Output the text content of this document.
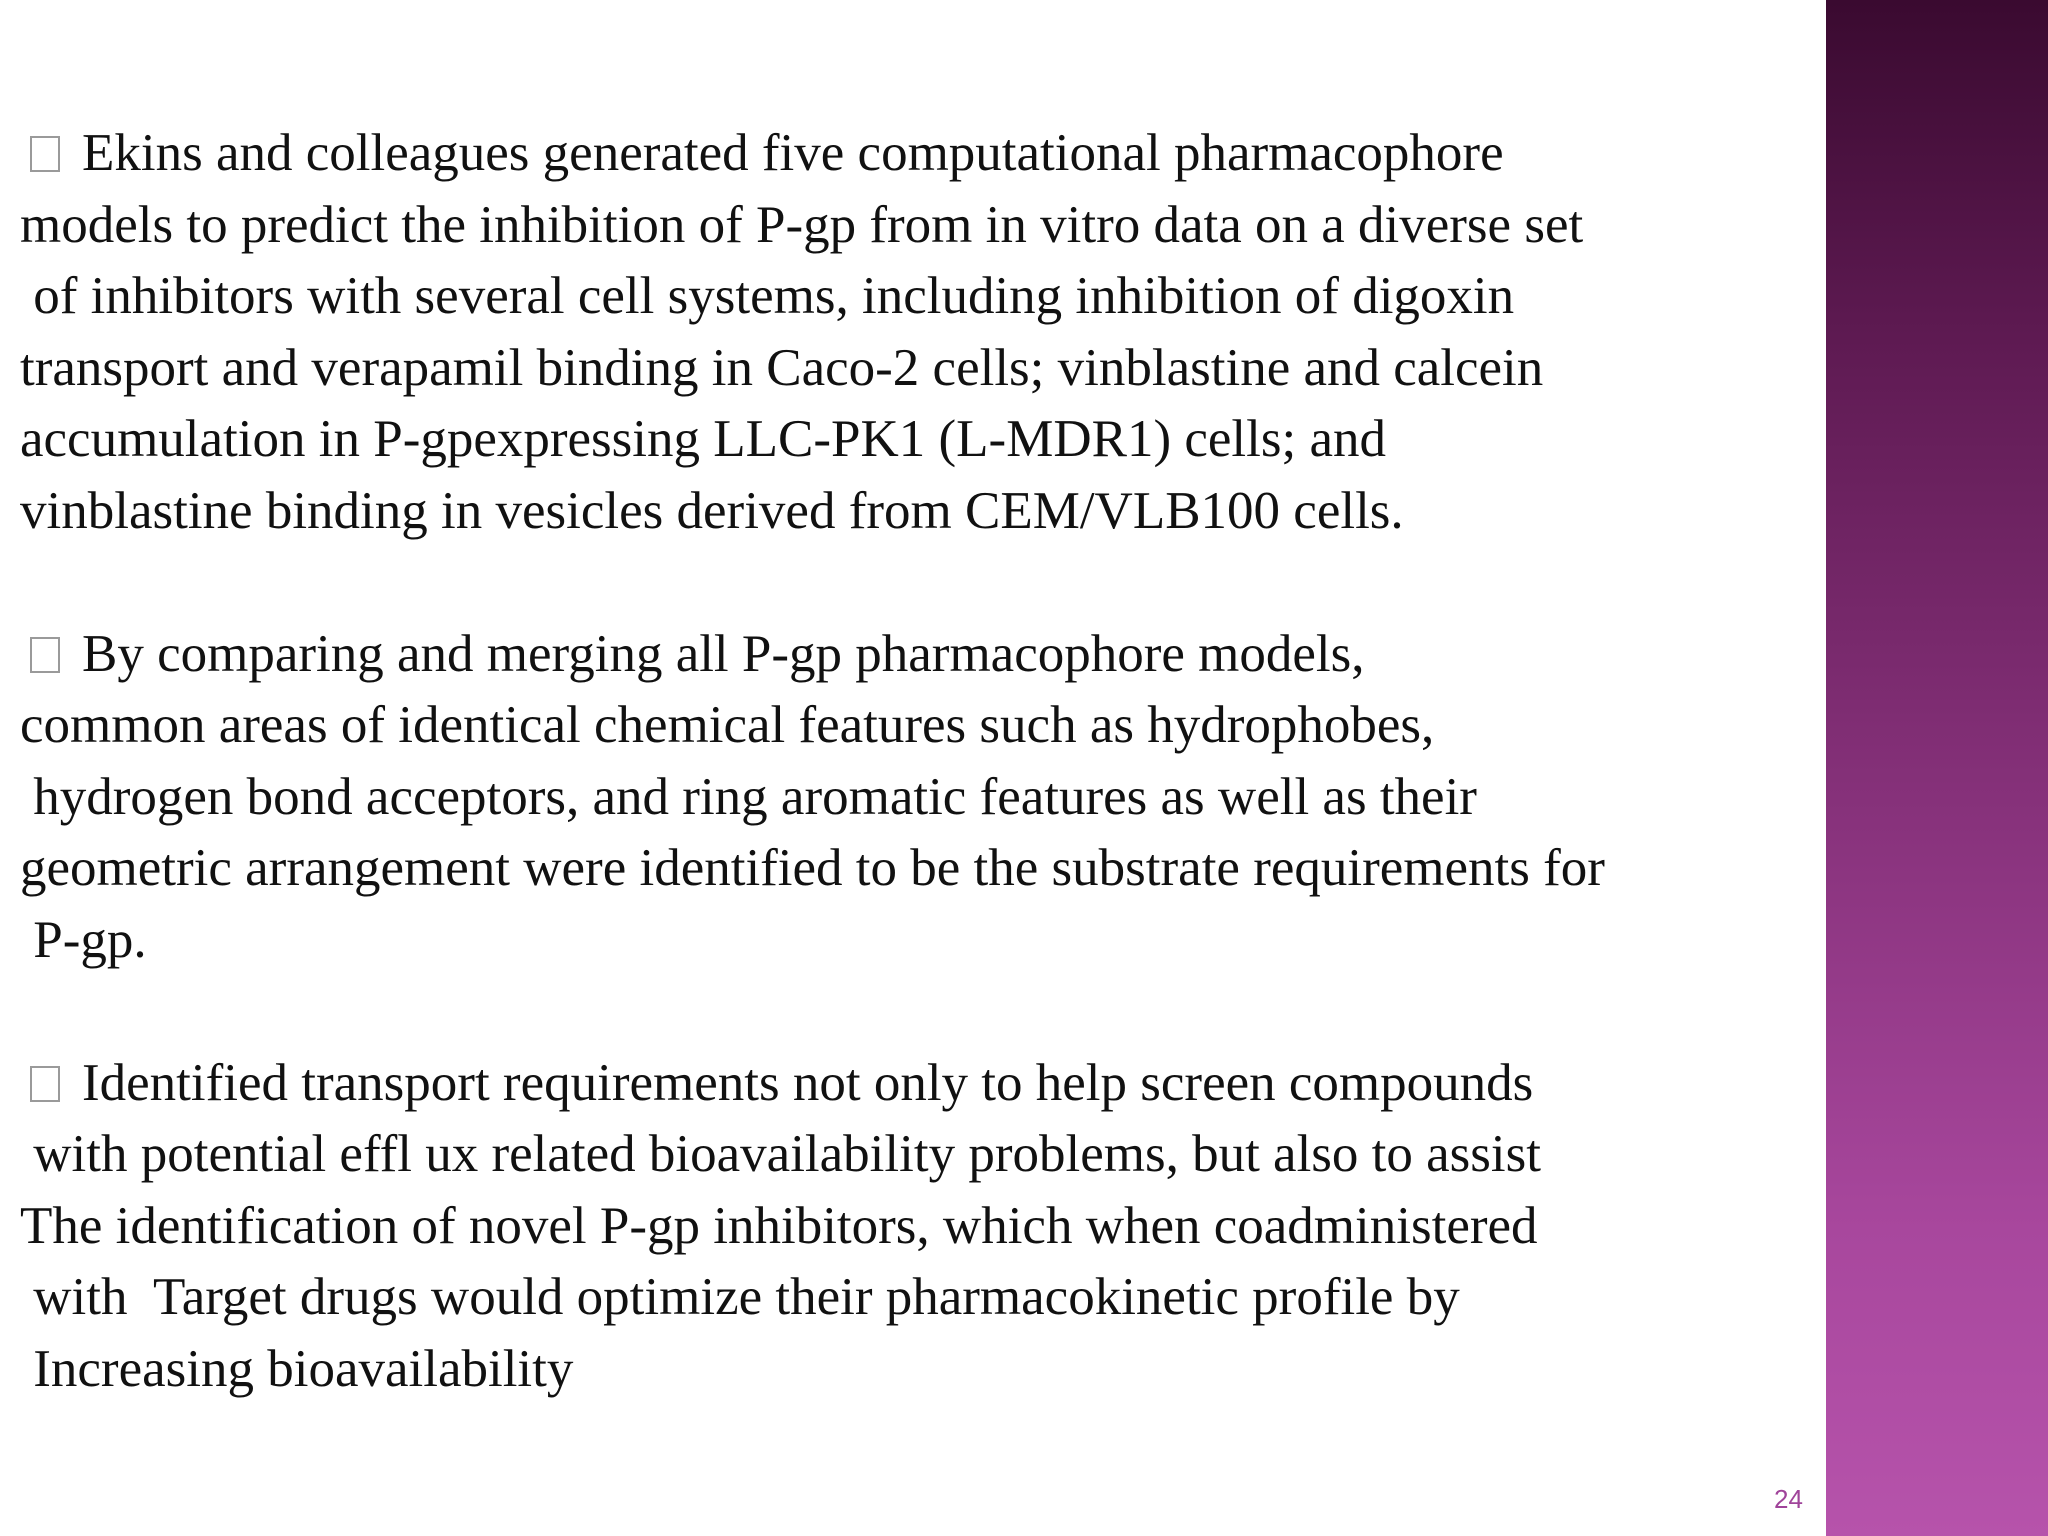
Ekins and colleagues generated five computational pharmacophore
models to predict the inhibition of P-gp from in vitro data on a diverse set
of inhibitors with several cell systems, including inhibition of digoxin
transport and verapamil binding in Caco-2 cells; vinblastine and calcein
accumulation in P-gpexpressing LLC-PK1 (L-MDR1) cells; and
vinblastine binding in vesicles derived from CEM/VLB100 cells.
By comparing and merging all P-gp pharmacophore models,
common areas of identical chemical features such as hydrophobes,
hydrogen bond acceptors, and ring aromatic features as well as their
geometric arrangement were identified to be the substrate requirements for
P-gp.
Identified transport requirements not only to help screen compounds
with potential effl ux related bioavailability problems, but also to assist
The identification of novel P-gp inhibitors, which when coadministered
with  Target drugs would optimize their pharmacokinetic profile by
Increasing bioavailability
24
